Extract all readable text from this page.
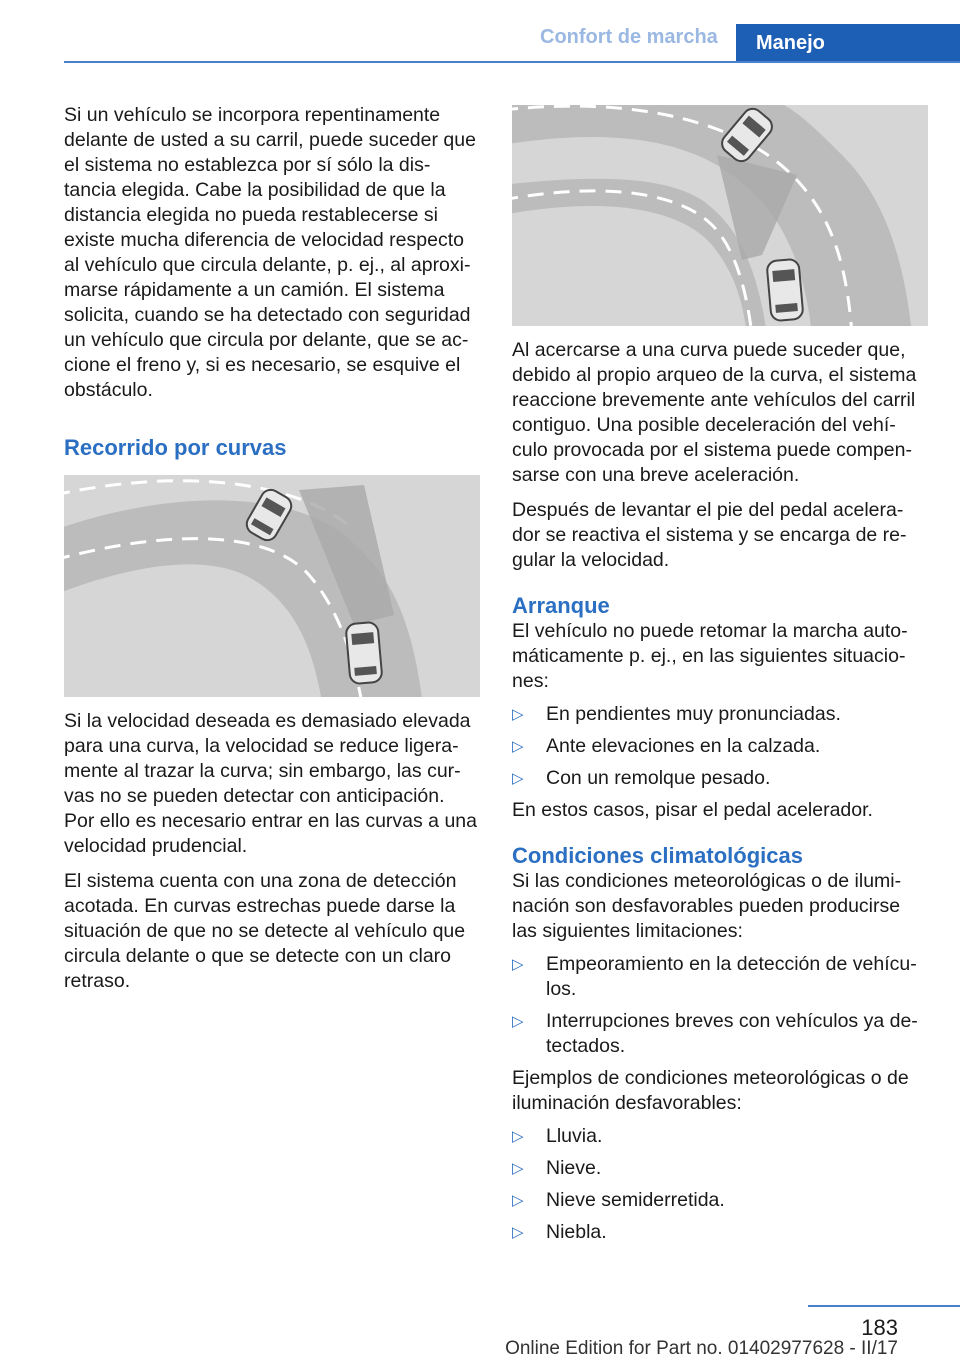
Confort de marcha	Manejo

Si un vehículo se incorpora repentinamente delante de usted a su carril, puede suceder que el sistema no establezca por sí sólo la dis‐tancia elegida. Cabe la posibilidad de que la distancia elegida no pueda restablecerse si existe mucha diferencia de velocidad respecto al vehículo que circula delante, p. ej., al aproxi‐marse rápidamente a un camión. El sistema solicita, cuando se ha detectado con seguridad un vehículo que circula por delante, que se ac‐cione el freno y, si es necesario, se esquive el obstáculo.

Recorrido por curvas

Si la velocidad deseada es demasiado elevada para una curva, la velocidad se reduce ligera‐mente al trazar la curva; sin embargo, las cur‐vas no se pueden detectar con anticipación. Por ello es necesario entrar en las curvas a una velocidad prudencial.

El sistema cuenta con una zona de detección acotada. En curvas estrechas puede darse la situación de que no se detecte al vehículo que circula delante o que se detecte con un claro retraso.

Al acercarse a una curva puede suceder que, debido al propio arqueo de la curva, el sistema reaccione brevemente ante vehículos del carril contiguo. Una posible deceleración del vehí‐culo provocada por el sistema puede compen‐sarse con una breve aceleración.

Después de levantar el pie del pedal acelera‐dor se reactiva el sistema y se encarga de re‐gular la velocidad.

Arranque

El vehículo no puede retomar la marcha auto‐máticamente p. ej., en las siguientes situacio‐nes:

▷ En pendientes muy pronunciadas.
▷ Ante elevaciones en la calzada.
▷ Con un remolque pesado.

En estos casos, pisar el pedal acelerador.

Condiciones climatológicas

Si las condiciones meteorológicas o de ilumi‐nación son desfavorables pueden producirse las siguientes limitaciones:

▷ Empeoramiento en la detección de vehícu‐los.
▷ Interrupciones breves con vehículos ya de‐tectados.

Ejemplos de condiciones meteorológicas o de iluminación desfavorables:

▷ Lluvia.
▷ Nieve.
▷ Nieve semiderretida.
▷ Niebla.
183
Online Edition for Part no. 01402977628 - II/17
